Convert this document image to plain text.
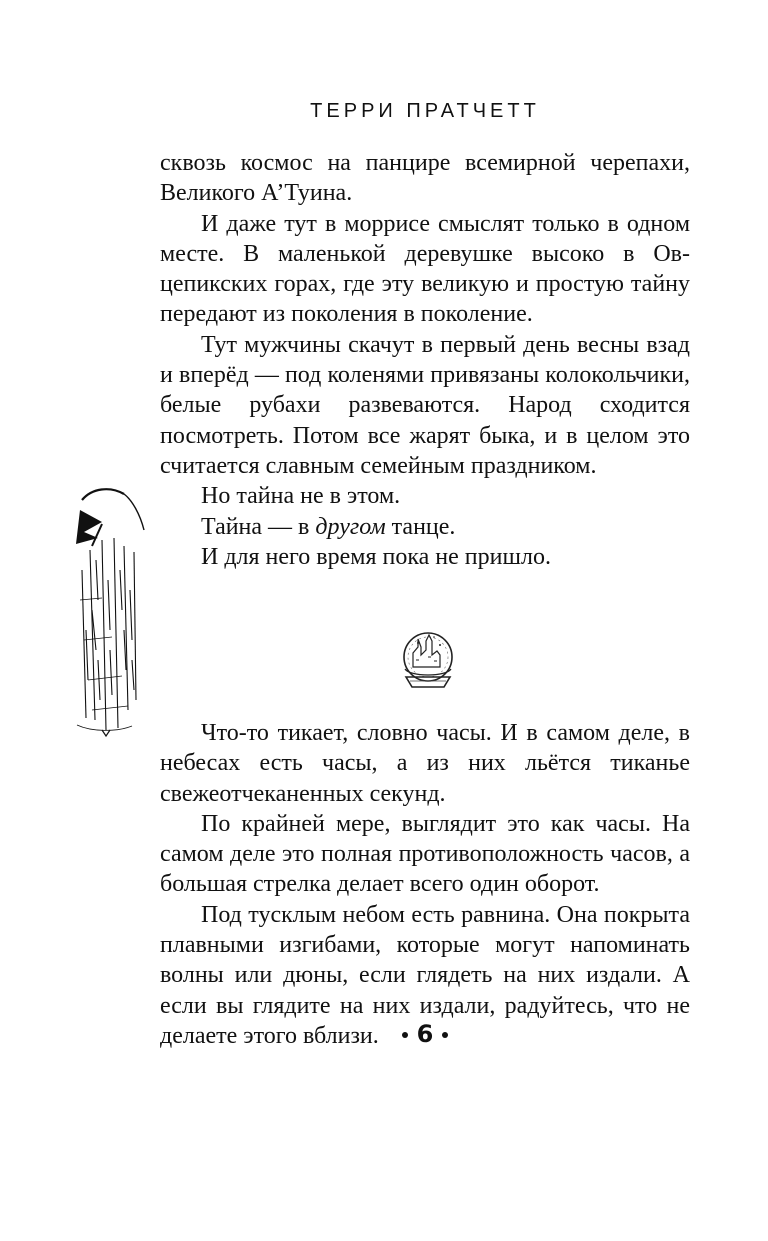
ТЕРРИ ПРАТЧЕТТ

сквозь космос на панцире всемирной черепахи, Великого А’Туина.

И даже тут в моррисе смыслят только в одном месте. В маленькой деревушке высоко в Овцепикских горах, где эту великую и простую тайну передают из поколения в поколение.

Тут мужчины скачут в первый день весны взад и вперёд — под коленями привязаны колокольчики, белые рубахи развеваются. Народ сходится посмотреть. Потом все жарят быка, и в целом это считается славным семейным праздником.

Но тайна не в этом.

Тайна — в другом танце.

И для него время пока не пришло.

Что-то тикает, словно часы. И в самом деле, в небесах есть часы, а из них льётся тиканье свежеотчеканенных секунд.

По крайней мере, выглядит это как часы. На самом деле это полная противоположность часов, а большая стрелка делает всего один оборот.

Под тусклым небом есть равнина. Она покрыта плавными изгибами, которые могут напоминать волны или дюны, если глядеть на них издали. А если вы глядите на них издали, радуйтесь, что не делаете этого вблизи.	6
